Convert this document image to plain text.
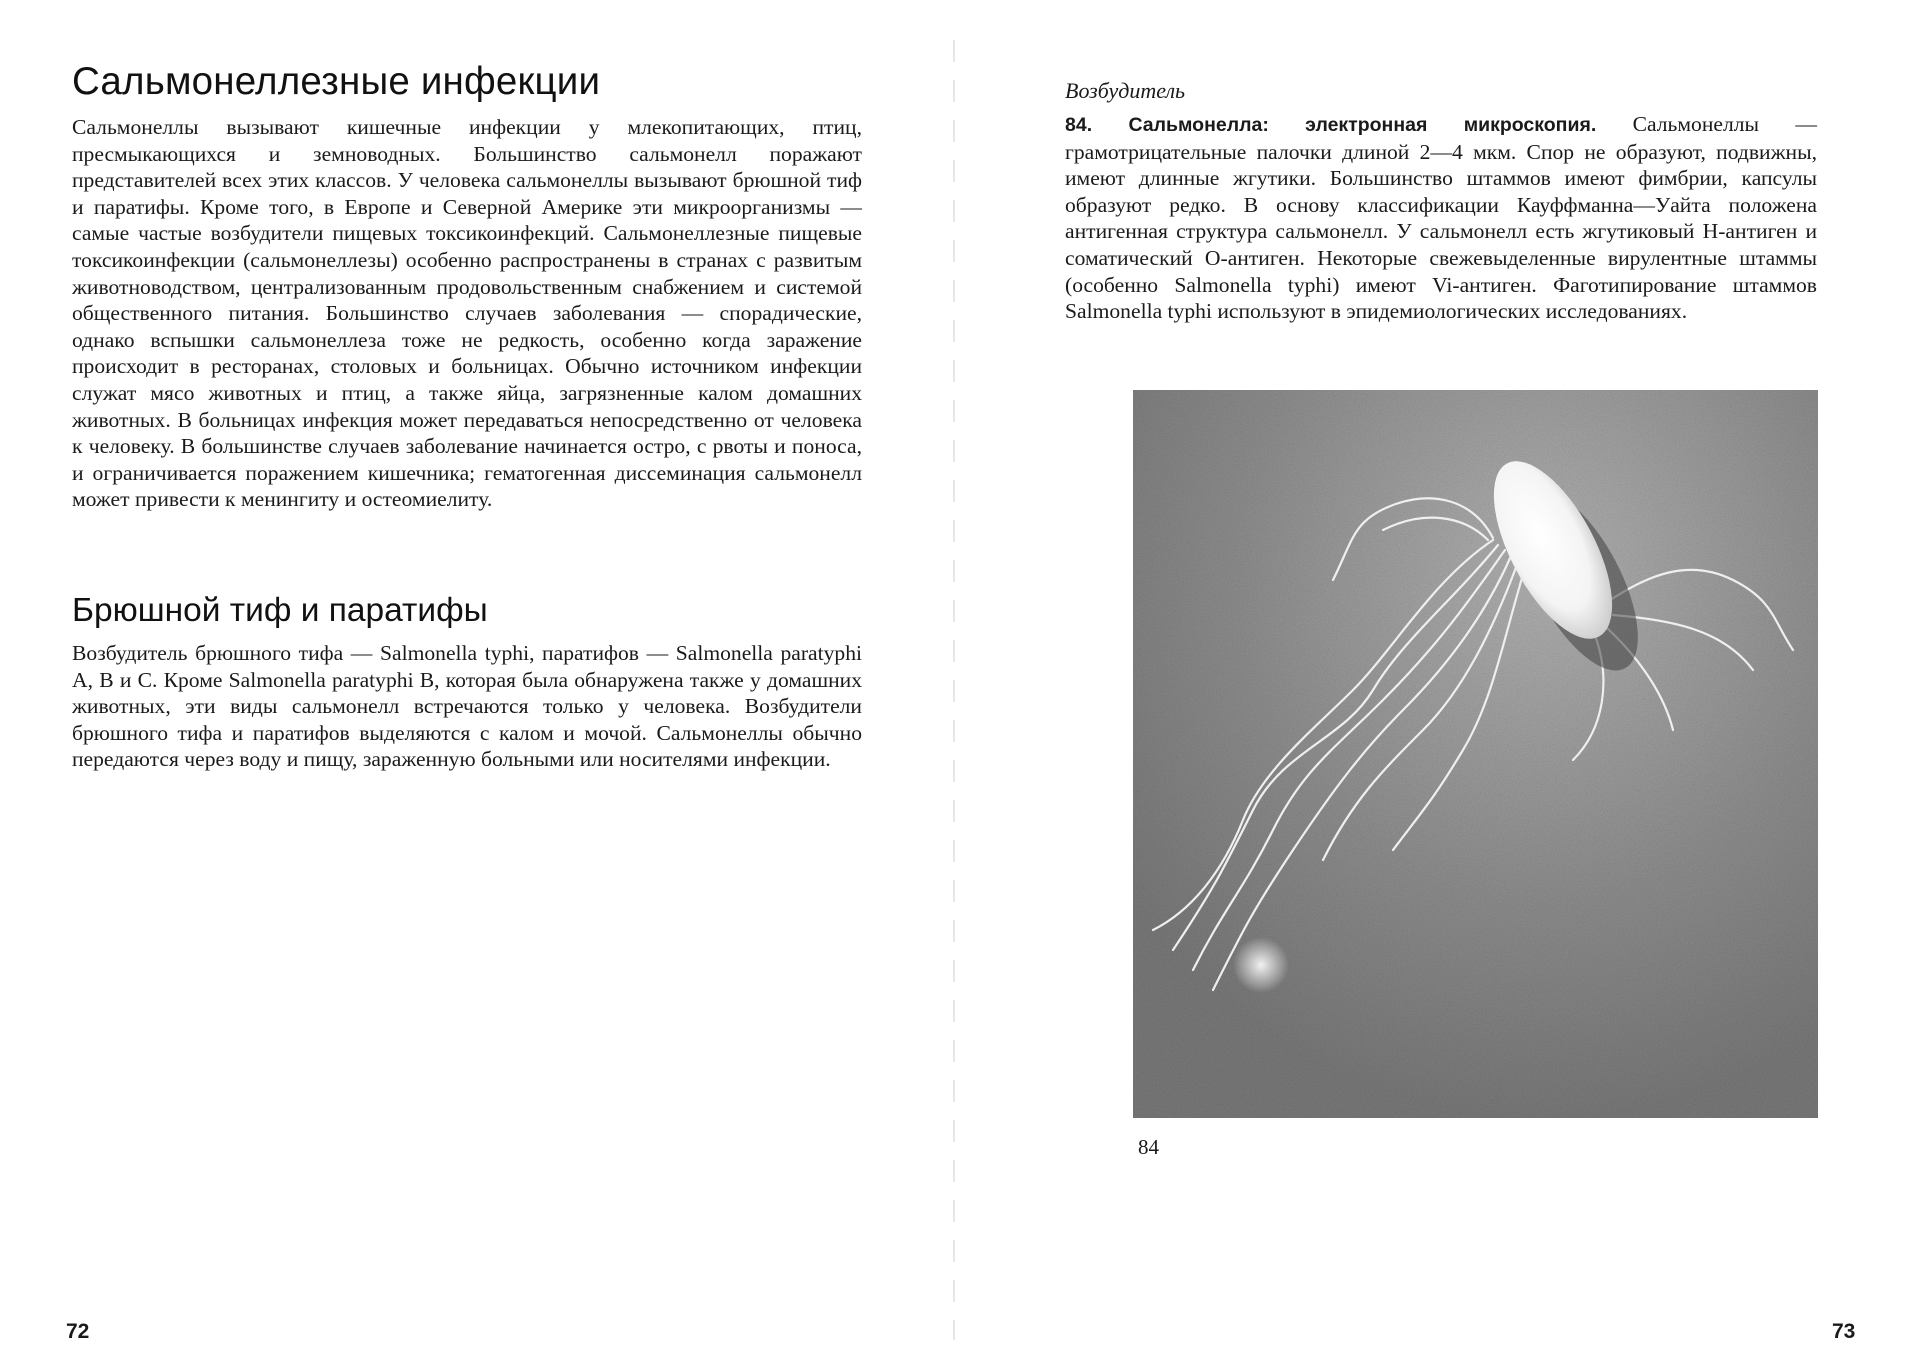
Сальмонеллезные инфекции

Сальмонеллы вызывают кишечные инфекции у млекопитающих, птиц, пресмыкающихся и земноводных. Большинство сальмонелл поражают представителей всех этих классов. У человека сальмонеллы вызывают брюшной тиф и паратифы. Кроме того, в Европе и Северной Америке эти микроорганизмы — самые частые возбудители пищевых токсикоинфекций. Сальмонеллезные пищевые токсикоинфекции (сальмонеллезы) особенно распространены в странах с развитым животноводством, централизованным продовольственным снабжением и системой общественного питания. Большинство случаев заболевания — спорадические, однако вспышки сальмонеллеза тоже не редкость, особенно когда заражение происходит в ресторанах, столовых и больницах. Обычно источником инфекции служат мясо животных и птиц, а также яйца, загрязненные калом домашних животных. В больницах инфекция может передаваться непосредственно от человека к человеку. В большинстве случаев заболевание начинается остро, с рвоты и поноса, и ограничивается поражением кишечника; гематогенная диссеминация сальмонелл может привести к менингиту и остеомиелиту.

Брюшной тиф и паратифы

Возбудитель брюшного тифа — Salmonella typhi, паратифов — Salmonella paratyphi A, B и C. Кроме Salmonella paratyphi B, которая была обнаружена также у домашних животных, эти виды сальмонелл встречаются только у человека. Возбудители брюшного тифа и паратифов выделяются с калом и мочой. Сальмонеллы обычно передаются через воду и пищу, зараженную больными или носителями инфекции.

72
Возбудитель

84. Сальмонелла: электронная микроскопия. Сальмонеллы — грамотрицательные палочки длиной 2—4 мкм. Спор не образуют, подвижны, имеют длинные жгутики. Большинство штаммов имеют фимбрии, капсулы образуют редко. В основу классификации Кауффманна—Уайта положена антигенная структура сальмонелл. У сальмонелл есть жгутиковый Н-антиген и соматический О-антиген. Некоторые свежевыделенные вирулентные штаммы (особенно Salmonella typhi) имеют Vi-антиген. Фаготипирование штаммов Salmonella typhi используют в эпидемиологических исследованиях.

84
73
